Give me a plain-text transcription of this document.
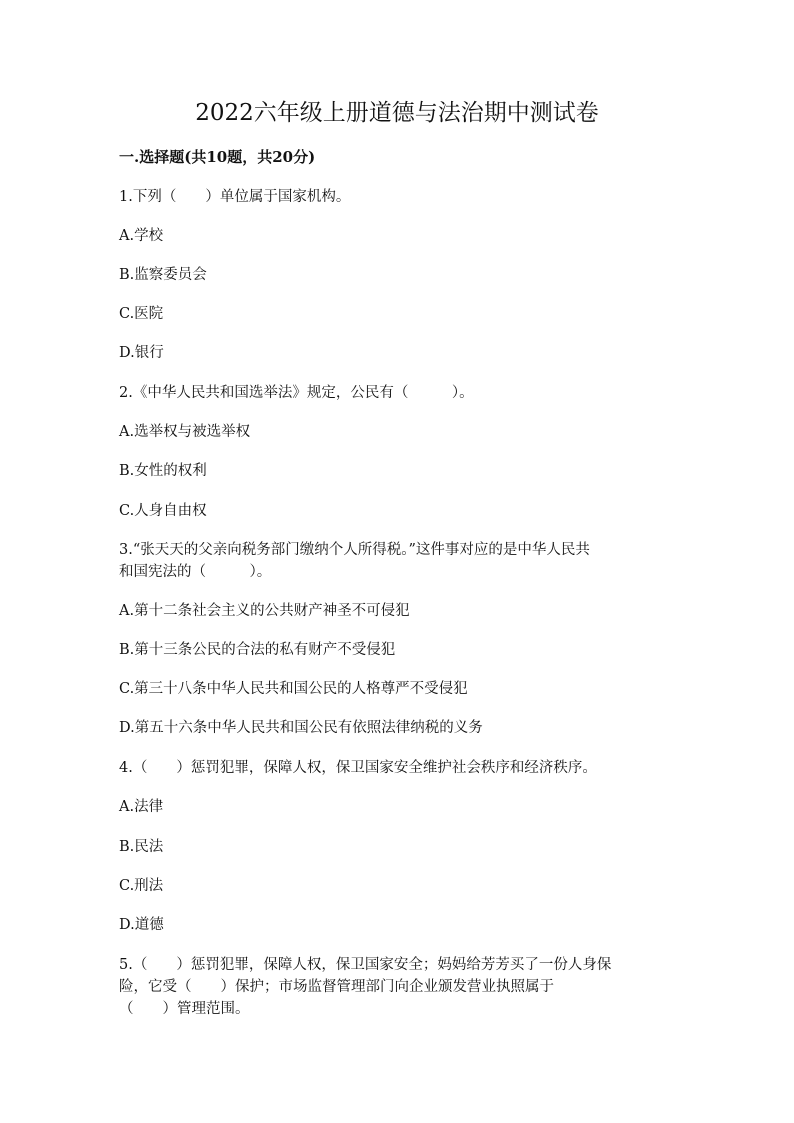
2022六年级上册道德与法治期中测试卷
一.选择题(共10题，共20分)
1.下列（　　）单位属于国家机构。
A.学校
B.监察委员会
C.医院
D.银行
2.《中华人民共和国选举法》规定，公民有（　　　）。
A.选举权与被选举权
B.女性的权利
C.人身自由权
3.“张天天的父亲向税务部门缴纳个人所得税。”这件事对应的是中华人民共
和国宪法的（　　　）。
A.第十二条社会主义的公共财产神圣不可侵犯
B.第十三条公民的合法的私有财产不受侵犯
C.第三十八条中华人民共和国公民的人格尊严不受侵犯
D.第五十六条中华人民共和国公民有依照法律纳税的义务
4.（　　）惩罚犯罪，保障人权，保卫国家安全维护社会秩序和经济秩序。
A.法律
B.民法
C.刑法
D.道德
5.（　　）惩罚犯罪，保障人权，保卫国家安全；妈妈给芳芳买了一份人身保
险，它受（　　）保护；市场监督管理部门向企业颁发营业执照属于
（　　）管理范围。
